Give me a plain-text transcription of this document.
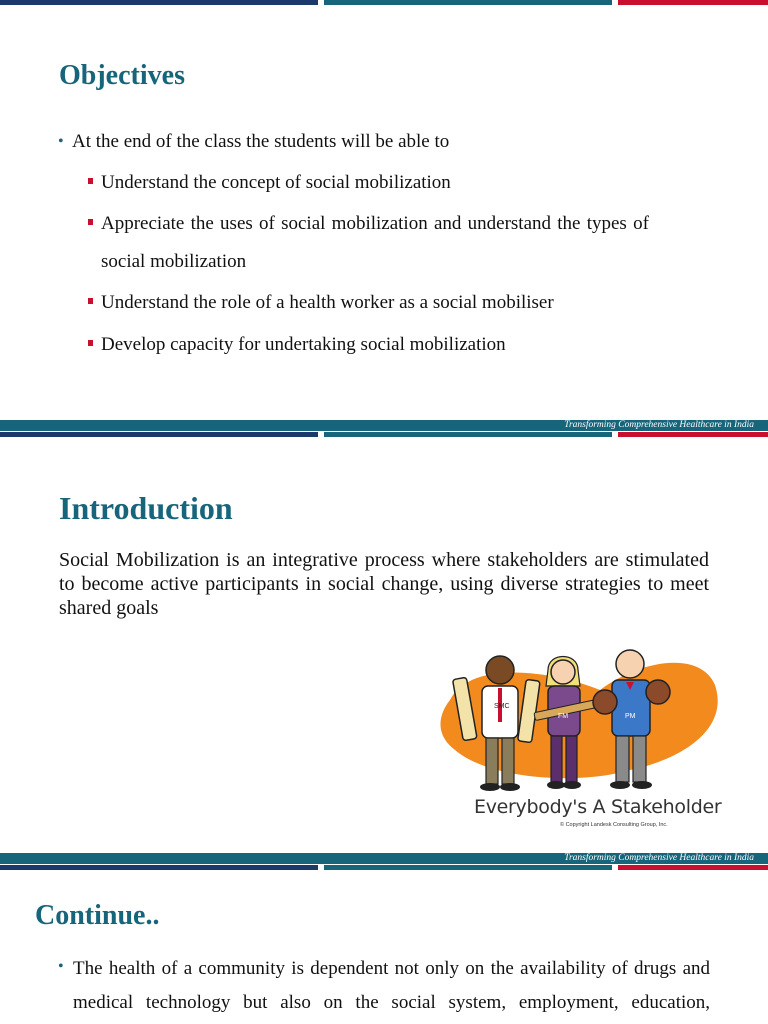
Objectives
• At the end of the class the students will be able to
Understand the concept of social mobilization
Appreciate the uses of social mobilization and understand the types of
social mobilization
Understand the role of a health worker as a social mobiliser
Develop capacity for undertaking social mobilization
Transforming Comprehensive Healthcare in India
Introduction
Social Mobilization is an integrative process where stakeholders are stimulated to become active participants in social change, using diverse strategies to meet shared goals
SMC
FM	PM
Everybody's A Stakeholder
© Copyright Landesk Consulting Group, Inc.
Transforming Comprehensive Healthcare in India
Continue..
• The health of a community is dependent not only on the availability of drugs and
medical technology but also on the social system, employment, education,
